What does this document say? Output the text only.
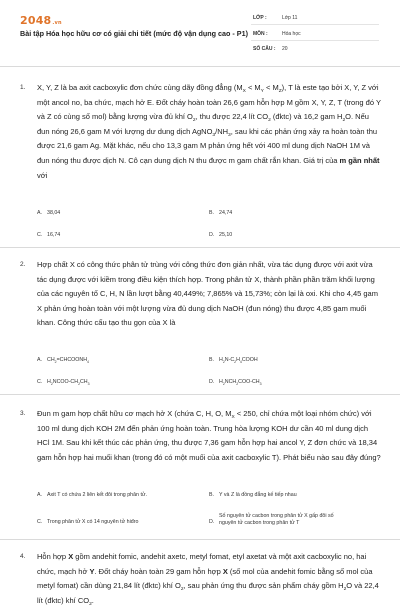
2048.vn
Bài tập Hóa học hữu cơ có giải chi tiết (mức độ vận dụng cao - P1)
LỚP :	Lớp 11
MÔN :	Hóa học
SỐ CÂU : 20
1. X, Y, Z là ba axit cacboxylic đơn chức cùng dãy đồng đẳng $(M_X < M_Y < M_Z)$, T là este tạo bởi X, Y, Z với một ancol no, ba chức, mạch hở E. Đốt cháy hoàn toàn 26,6 gam hỗn hợp M gồm X, Y, Z, T (trong đó Y và Z có cùng số mol) bằng lượng vừa đủ khí $O_2$, thu được 22,4 lít $CO_2$ (đktc) và 16,2 gam $H_2O$. Nếu đun nóng 26,6 gam M với lượng dư dung dịch $AgNO_3/NH_3$, sau khi các phản ứng xảy ra hoàn toàn thu được 21,6 gam Ag. Mặt khác, nếu cho 13,3 gam M phản ứng hết với 400 ml dung dịch NaOH 1M và đun nóng thu được dịch N. Cô cạn dung dịch N thu được m gam chất rắn khan. Giá trị của m gần nhất với
A. 38,04	B. 24,74
C. 16,74	D. 25,10
2. Hợp chất X có công thức phân tử trùng với công thức đơn giản nhất, vừa tác dụng được với axit vừa tác dụng được với kiềm trong điều kiện thích hợp. Trong phân tử X, thành phần phần trăm khối lượng của các nguyên tố C, H, N lần lượt bằng 40,449%; 7,865% và 15,73%; còn lại là oxi. Khi cho 4,45 gam X phản ứng hoàn toàn với một lượng vừa đủ dung dịch NaOH (đun nóng) thu được 4,85 gam muối khan. Công thức cấu tạo thu gọn của X là
A. $CH_2=CHCOONH_4$	B. $H_2N-C_2H_4COOH$
C. $H_2NCOO-CH_2CH_3$	D. $H_2NCH_2COO-CH_3$
3. Đun m gam hợp chất hữu cơ mạch hở X (chứa C, H, O, $M_X < 250$, chỉ chứa một loại nhóm chức) với 100 ml dung dịch KOH 2M đến phản ứng hoàn toàn. Trung hòa lượng KOH dư cần 40 ml dung dịch HCl 1M. Sau khi kết thúc các phản ứng, thu được 7,36 gam hỗn hợp hai ancol Y, Z đơn chức và 18,34 gam hỗn hợp hai muối khan (trong đó có một muối của axit cacboxylic T). Phát biểu nào sau đây đúng?
A. Axit T có chứa 2 liên kết đôi trong phân tử.	B. Y và Z là đồng đẳng kế tiếp nhau
C. Trong phân tử X có 14 nguyên tử hiđro	D.
Số nguyên tử cacbon trong phân tử X gấp đôi số nguyên tử cacbon trong phân tử T
4. Hỗn hợp X gồm andehit fomic, andehit axetc, metyl fomat, etyl axetat và một axit cacboxylic no, hai chức, mạch hở Y. Đốt cháy hoàn toàn 29 gam hỗn hợp X (số mol của andehit fomic bằng số mol của metyl fomat) cần dùng 21,84 lít (đktc) khí $O_2$, sau phản ứng thu được sản phẩm cháy gồm $H_2O$ và 22,4 lít (đktc) khí $CO_2$.
